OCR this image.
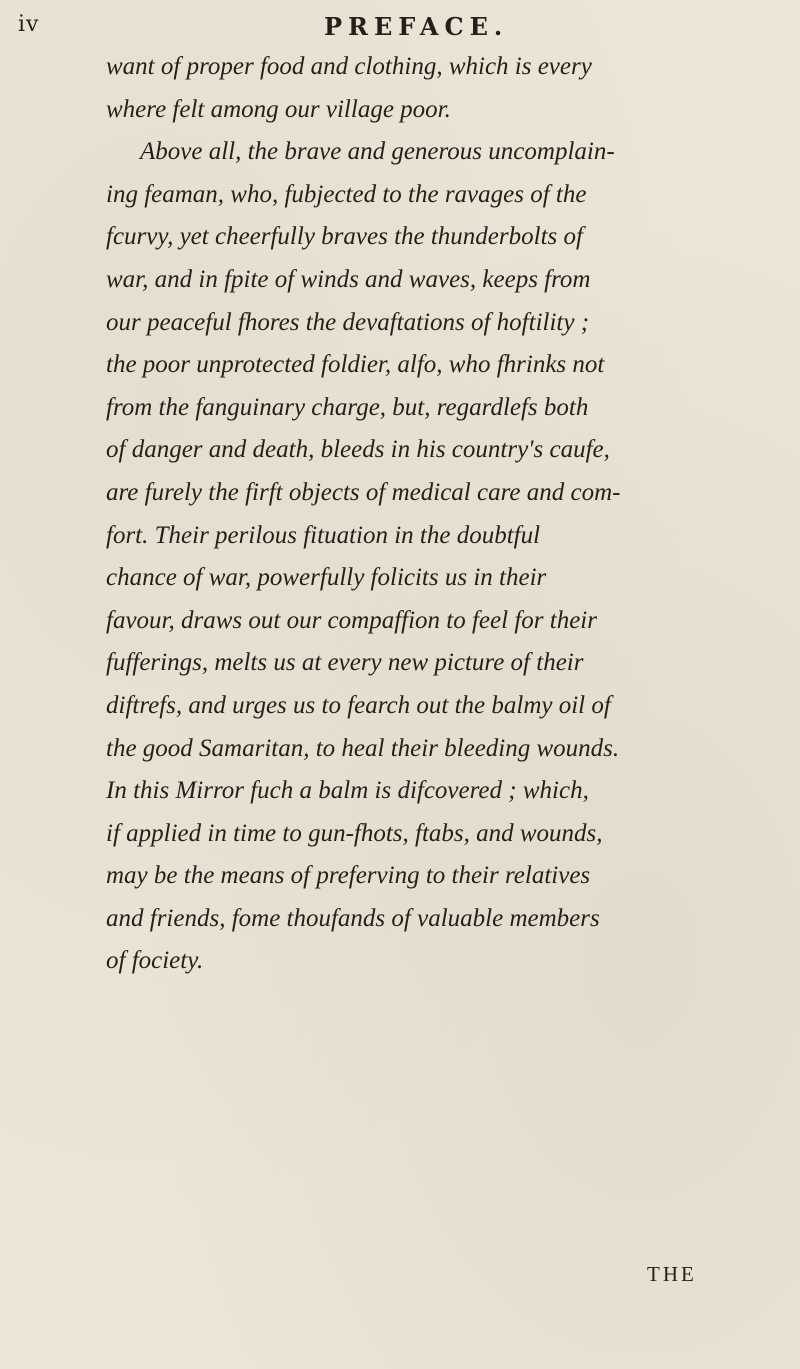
iv	PREFACE.
want of proper food and clothing, which is every
where felt among our village poor.
Above all, the brave and generous uncomplain-
ing feaman, who, fubjected to the ravages of the
fcurvy, yet cheerfully braves the thunderbolts of
war, and in fpite of winds and waves, keeps from
our peaceful fhores the devaftations of hoftility ;
the poor unprotected foldier, alfo, who fhrinks not
from the fanguinary charge, but, regardlefs both
of danger and death, bleeds in his country's caufe,
are furely the firft objects of medical care and com-
fort. Their perilous fituation in the doubtful
chance of war, powerfully folicits us in their
favour, draws out our compaffion to feel for their
fufferings, melts us at every new picture of their
diftrefs, and urges us to fearch out the balmy oil of
the good Samaritan, to heal their bleeding wounds.
In this Mirror fuch a balm is difcovered ; which,
if applied in time to gun-fhots, ftabs, and wounds,
may be the means of preferving to their relatives
and friends, fome thoufands of valuable members
of fociety.
THE
